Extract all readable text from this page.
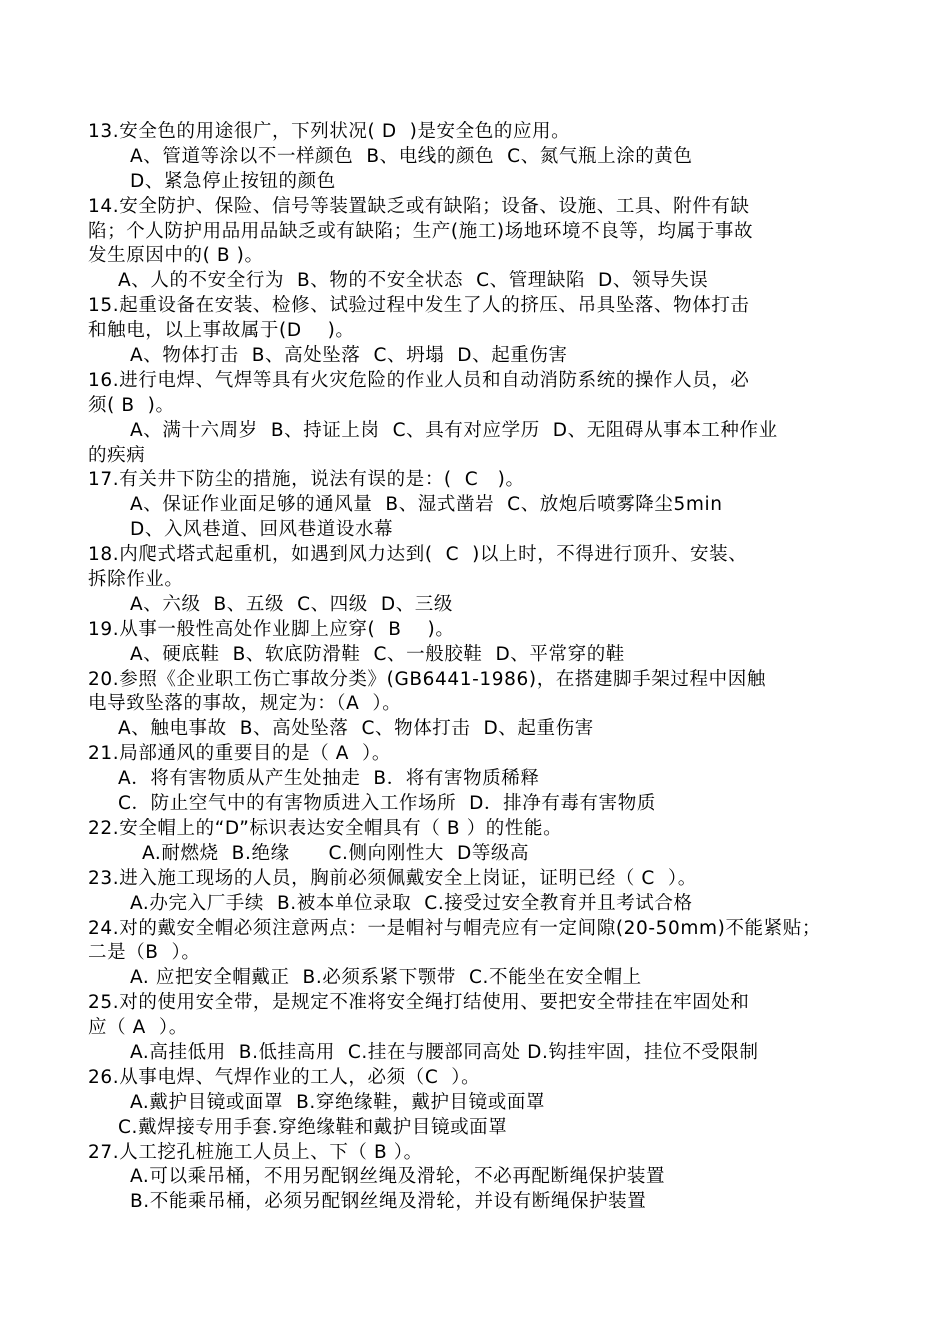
13.安全色的用途很广，下列状况( D  )是安全色的应用。
A、管道等涂以不一样颜色  B、电线的颜色  C、氮气瓶上涂的黄色
D、紧急停止按钮的颜色
14.安全防护、保险、信号等装置缺乏或有缺陷；设备、设施、工具、附件有缺
陷；个人防护用品用品缺乏或有缺陷；生产(施工)场地环境不良等，均属于事故
发生原因中的( B )。
A、人的不安全行为  B、物的不安全状态  C、管理缺陷  D、领导失误
15.起重设备在安装、检修、试验过程中发生了人的挤压、吊具坠落、物体打击
和触电，以上事故属于(D    )。
A、物体打击  B、高处坠落  C、坍塌  D、起重伤害
16.进行电焊、气焊等具有火灾危险的作业人员和自动消防系统的操作人员，必
须( B  )。
A、满十六周岁  B、持证上岗  C、具有对应学历  D、无阻碍从事本工种作业
的疾病
17.有关井下防尘的措施，说法有误的是：(  C   )。
A、保证作业面足够的通风量  B、湿式凿岩  C、放炮后喷雾降尘5min
D、入风巷道、回风巷道设水幕
18.内爬式塔式起重机，如遇到风力达到(  C  )以上时，不得进行顶升、安装、
拆除作业。
A、六级  B、五级  C、四级  D、三级
19.从事一般性高处作业脚上应穿(  B    )。
A、硬底鞋  B、软底防滑鞋  C、一般胶鞋  D、平常穿的鞋
20.参照《企业职工伤亡事故分类》(GB6441-1986)，在搭建脚手架过程中因触
电导致坠落的事故，规定为：（A  ）。
A、触电事故  B、高处坠落  C、物体打击  D、起重伤害
21.局部通风的重要目的是（ A  ）。
A．将有害物质从产生处抽走  B．将有害物质稀释
C．防止空气中的有害物质进入工作场所  D．排净有毒有害物质
22.安全帽上的“D”标识表达安全帽具有（ B ）的性能。
A.耐燃烧  B.绝缘      C.侧向刚性大  D等级高
23.进入施工现场的人员，胸前必须佩戴安全上岗证，证明已经（ C  ）。
A.办完入厂手续  B.被本单位录取  C.接受过安全教育并且考试合格
24.对的戴安全帽必须注意两点：一是帽衬与帽壳应有一定间隙(20-50mm)不能紧贴；
二是（B  ）。
A. 应把安全帽戴正  B.必须系紧下颚带  C.不能坐在安全帽上
25.对的使用安全带，是规定不准将安全绳打结使用、要把安全带挂在牢固处和
应（ A  ）。
A.高挂低用  B.低挂高用  C.挂在与腰部同高处 D.钩挂牢固，挂位不受限制
26.从事电焊、气焊作业的工人，必须（C  ）。
A.戴护目镜或面罩  B.穿绝缘鞋，戴护目镜或面罩
C.戴焊接专用手套.穿绝缘鞋和戴护目镜或面罩
27.人工挖孔桩施工人员上、下（ B ）。
A.可以乘吊桶，不用另配钢丝绳及滑轮，不必再配断绳保护装置
B.不能乘吊桶，必须另配钢丝绳及滑轮，并设有断绳保护装置
